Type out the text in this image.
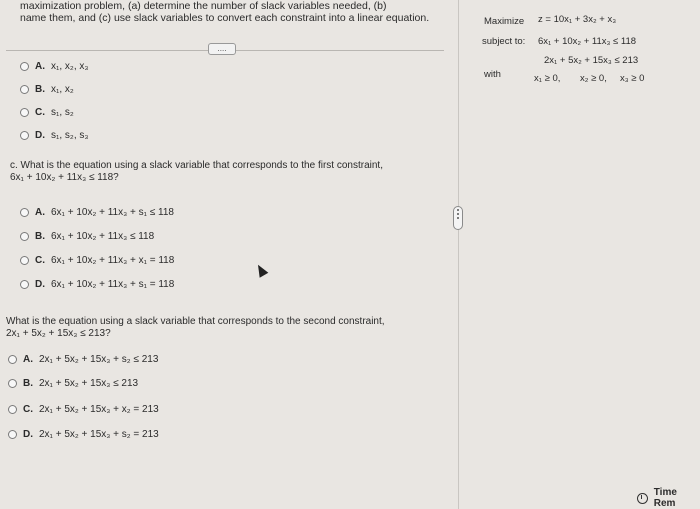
maximization problem, (a) determine the number of slack variables needed, (b)
name them, and (c) use slack variables to convert each constraint into a linear equation.
....
A. x₁, x₂, x₃
B. x₁, x₂
C. s₁, s₂
D. s₁, s₂, s₃
c. What is the equation using a slack variable that corresponds to the first constraint,
6x₁ + 10x₂ + 11x₃ ≤ 118?
A. 6x₁ + 10x₂ + 11x₃ + s₁ ≤ 118
B. 6x₁ + 10x₂ + 11x₃ ≤ 118
C. 6x₁ + 10x₂ + 11x₃ + x₁ = 118
D. 6x₁ + 10x₂ + 11x₃ + s₁ = 118
What is the equation using a slack variable that corresponds to the second constraint,
2x₁ + 5x₂ + 15x₃ ≤ 213?
A. 2x₁ + 5x₂ + 15x₃ + s₂ ≤ 213
B. 2x₁ + 5x₂ + 15x₃ ≤ 213
C. 2x₁ + 5x₂ + 15x₃ + x₂ = 213
D. 2x₁ + 5x₂ + 15x₃ + s₂ = 213
Maximize z = 10x₁ + 3x₂ + x₃
subject to: 6x₁ + 10x₂ + 11x₃ ≤ 118
2x₁ + 5x₂ + 15x₃ ≤ 213
with	x₁ ≥ 0, x₂ ≥ 0, x₃ ≥ 0
Time Rem
